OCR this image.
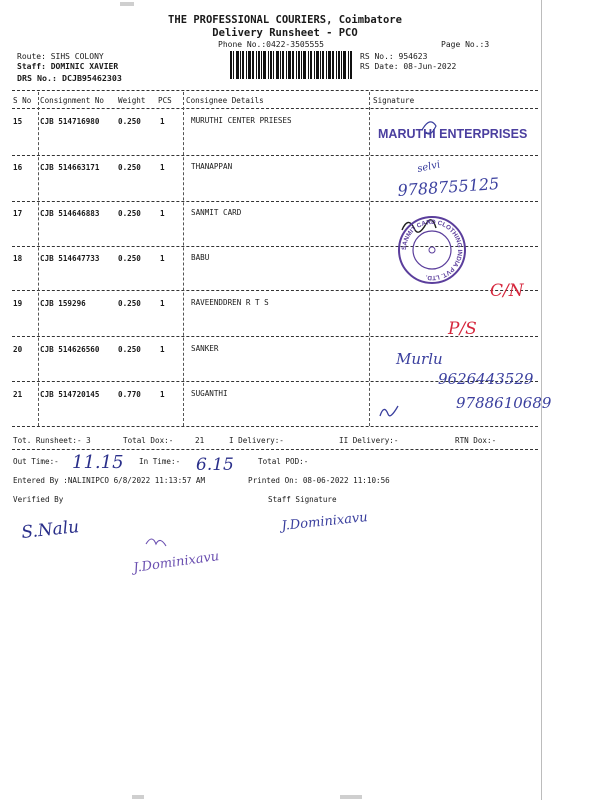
THE PROFESSIONAL COURIERS, Coimbatore
Delivery Runsheet - PCO
Phone No.:0422-3505555	Page No.:3
Route: SIHS COLONY
Staff: DOMINIC XAVIER
DRS No.: DCJB95462303
RS No.: 954623
RS Date: 08-Jun-2022
S No Consignment No Weight PCS Consignee Details	Signature
15 CJB 514716980 0.250	1	MURUTHI CENTER PRIESES
16 CJB 514663171 0.250	1	THANAPPAN
17 CJB 514646883 0.250	1	SANMIT CARD
18 CJB 514647733 0.250	1	BABU
19 CJB 159296	0.250	1	RAVEENDDREN R T S
20 CJB 514626560 0.250	1	SANKER
21 CJB 514720145 0.770	1	SUGANTHI
MARUTHI ENTERPRISES
selvi
9788755125
C/N
P/S
Murlu
9626443529
9788610689
SANMIT CARD CLOTHING INDIA PVT. LTD.
Tot. Runsheet:- 3	Total Dox:-	21	I Delivery:-	II Delivery:-	RTN Dox:-
Out Time:-	In Time:-	Total POD:-
11.15	6.15
Entered By :NALINIPCO 6/8/2022 11:13:57 AM	Printed On: 08-06-2022 11:10:56
Verified By	Staff Signature
S.Nalu	J.Dominixavu
J.Dominixavu
